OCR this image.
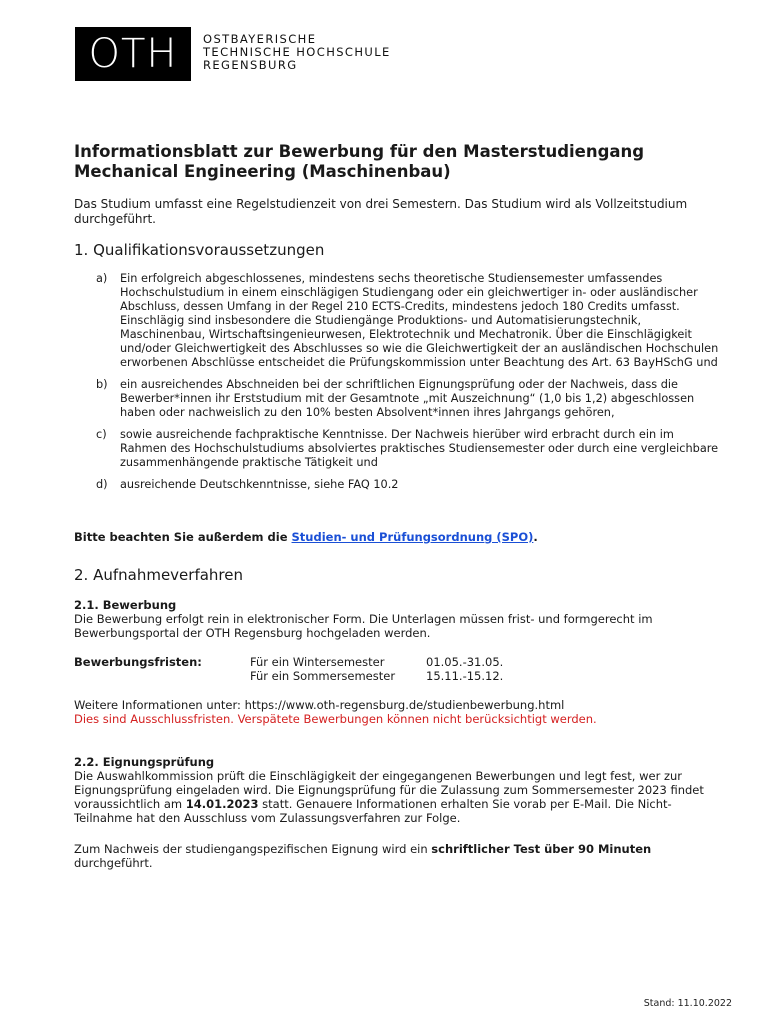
OTH OSTBAYERISCHE
TECHNISCHE HOCHSCHULE
REGENSBURG
Informationsblatt zur Bewerbung für den Masterstudiengang
Mechanical Engineering (Maschinenbau)
Das Studium umfasst eine Regelstudienzeit von drei Semestern. Das Studium wird als Vollzeitstudium durchgeführt.
1. Qualifikationsvoraussetzungen
a) Ein erfolgreich abgeschlossenes, mindestens sechs theoretische Studiensemester umfassendes Hochschulstudium in einem einschlägigen Studiengang oder ein gleichwertiger in- oder ausländischer Abschluss, dessen Umfang in der Regel 210 ECTS-Credits, mindestens jedoch 180 Credits umfasst. Einschlägig sind insbesondere die Studiengänge Produktions- und Automatisierungstechnik, Maschinenbau, Wirtschaftsingenieurwesen, Elektrotechnik und Mechatronik. Über die Einschlägigkeit und/oder Gleichwertigkeit des Abschlusses so wie die Gleichwertigkeit der an ausländischen Hochschulen erworbenen Abschlüsse entscheidet die Prüfungskommission unter Beachtung des Art. 63 BayHSchG und
b) ein ausreichendes Abschneiden bei der schriftlichen Eignungsprüfung oder der Nachweis, dass die Bewerber*innen ihr Erststudium mit der Gesamtnote „mit Auszeichnung“ (1,0 bis 1,2) abgeschlossen haben oder nachweislich zu den 10% besten Absolvent*innen ihres Jahrgangs gehören,
c) sowie ausreichende fachpraktische Kenntnisse. Der Nachweis hierüber wird erbracht durch ein im Rahmen des Hochschulstudiums absolviertes praktisches Studiensemester oder durch eine vergleichbare zusammenhängende praktische Tätigkeit und
d) ausreichende Deutschkenntnisse, siehe FAQ 10.2
Bitte beachten Sie außerdem die Studien- und Prüfungsordnung (SPO).
2. Aufnahmeverfahren
2.1. Bewerbung
Die Bewerbung erfolgt rein in elektronischer Form. Die Unterlagen müssen frist- und formgerecht im Bewerbungsportal der OTH Regensburg hochgeladen werden.
Bewerbungsfristen:	Für ein Wintersemester	01.05.-31.05.
Für ein Sommersemester	15.11.-15.12.
Weitere Informationen unter: https://www.oth-regensburg.de/studienbewerbung.html
Dies sind Ausschlussfristen. Verspätete Bewerbungen können nicht berücksichtigt werden.
2.2. Eignungsprüfung
Die Auswahlkommission prüft die Einschlägigkeit der eingegangenen Bewerbungen und legt fest, wer zur Eignungsprüfung eingeladen wird. Die Eignungsprüfung für die Zulassung zum Sommersemester 2023 findet voraussichtlich am 14.01.2023 statt. Genauere Informationen erhalten Sie vorab per E-Mail. Die Nicht-Teilnahme hat den Ausschluss vom Zulassungsverfahren zur Folge.
Zum Nachweis der studiengangspezifischen Eignung wird ein schriftlicher Test über 90 Minuten durchgeführt.
Stand: 11.10.2022
